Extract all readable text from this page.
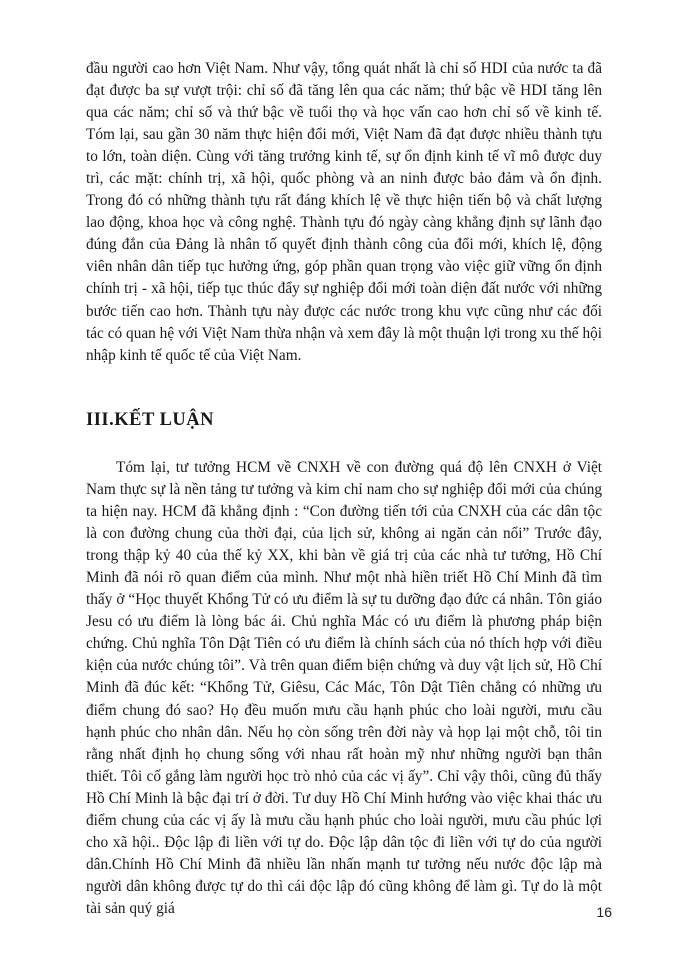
đầu người cao hơn Việt Nam. Như vậy, tổng quát nhất là chỉ số HDI của nước ta đã đạt được ba sự vượt trội: chỉ số đã tăng lên qua các năm; thứ bậc về HDI tăng lên qua các năm; chỉ số và thứ bậc về tuổi thọ và học vấn cao hơn chỉ số về kinh tế. Tóm lại, sau gần 30 năm thực hiện đổi mới, Việt Nam đã đạt được nhiều thành tựu to lớn, toàn diện. Cùng với tăng trưởng kinh tế, sự ổn định kinh tế vĩ mô được duy trì, các mặt: chính trị, xã hội, quốc phòng và an ninh được bảo đảm và ổn định. Trong đó có những thành tựu rất đáng khích lệ về thực hiện tiến bộ và chất lượng lao động, khoa học và công nghệ. Thành tựu đó ngày càng khẳng định sự lãnh đạo đúng đắn của Đảng là nhân tố quyết định thành công của đổi mới, khích lệ, động viên nhân dân tiếp tục hưởng ứng, góp phần quan trọng vào việc giữ vững ổn định chính trị - xã hội, tiếp tục thúc đẩy sự nghiệp đổi mới toàn diện đất nước với những bước tiến cao hơn. Thành tựu này được các nước trong khu vực cũng như các đối tác có quan hệ với Việt Nam thừa nhận và xem đây là một thuận lợi trong xu thế hội nhập kinh tế quốc tế của Việt Nam.

III.KẾT LUẬN

Tóm lại, tư tưởng HCM về CNXH về con đường quá độ lên CNXH ở Việt Nam thực sự là nền tảng tư tưởng và kim chỉ nam cho sự nghiệp đổi mới của chúng ta hiện nay. HCM đã khẳng định : “Con đường tiến tới của CNXH của các dân tộc là con đường chung của thời đại, của lịch sử, không ai ngăn cản nổi” Trước đây, trong thập kỷ 40 của thế kỷ XX, khi bàn về giá trị của các nhà tư tưởng, Hồ Chí Minh đã nói rõ quan điểm của mình. Như một nhà hiền triết Hồ Chí Minh đã tìm thấy ở “Học thuyết Khổng Tử có ưu điểm là sự tu dưỡng đạo đức cá nhân. Tôn giáo Jesu có ưu điểm là lòng bác ái. Chủ nghĩa Mác có ưu điểm là phương pháp biện chứng. Chủ nghĩa Tôn Dật Tiên có ưu điểm là chính sách của nó thích hợp với điều kiện của nước chúng tôi”. Và trên quan điểm biện chứng và duy vật lịch sử, Hồ Chí Minh đã đúc kết: “Khổng Tử, Giêsu, Các Mác, Tôn Dật Tiên chẳng có những ưu điểm chung đó sao? Họ đều muốn mưu cầu hạnh phúc cho loài người, mưu cầu hạnh phúc cho nhân dân. Nếu họ còn sống trên đời này và họp lại một chỗ, tôi tin rằng nhất định họ chung sống với nhau rất hoàn mỹ như những người bạn thân thiết. Tôi cố gắng làm người học trò nhỏ của các vị ấy”. Chỉ vậy thôi, cũng đủ thấy Hồ Chí Minh là bậc đại trí ở đời. Tư duy Hồ Chí Minh hướng vào việc khai thác ưu điểm chung của các vị ấy là mưu cầu hạnh phúc cho loài người, mưu cầu phúc lợi cho xã hội.. Độc lập đi liền với tự do. Độc lập dân tộc đi liền với tự do của người dân.Chính Hồ Chí Minh đã nhiều lần nhấn mạnh tư tưởng nếu nước độc lập mà người dân không được tự do thì cái độc lập đó cũng không để làm gì. Tự do là một tài sản quý giá	16
